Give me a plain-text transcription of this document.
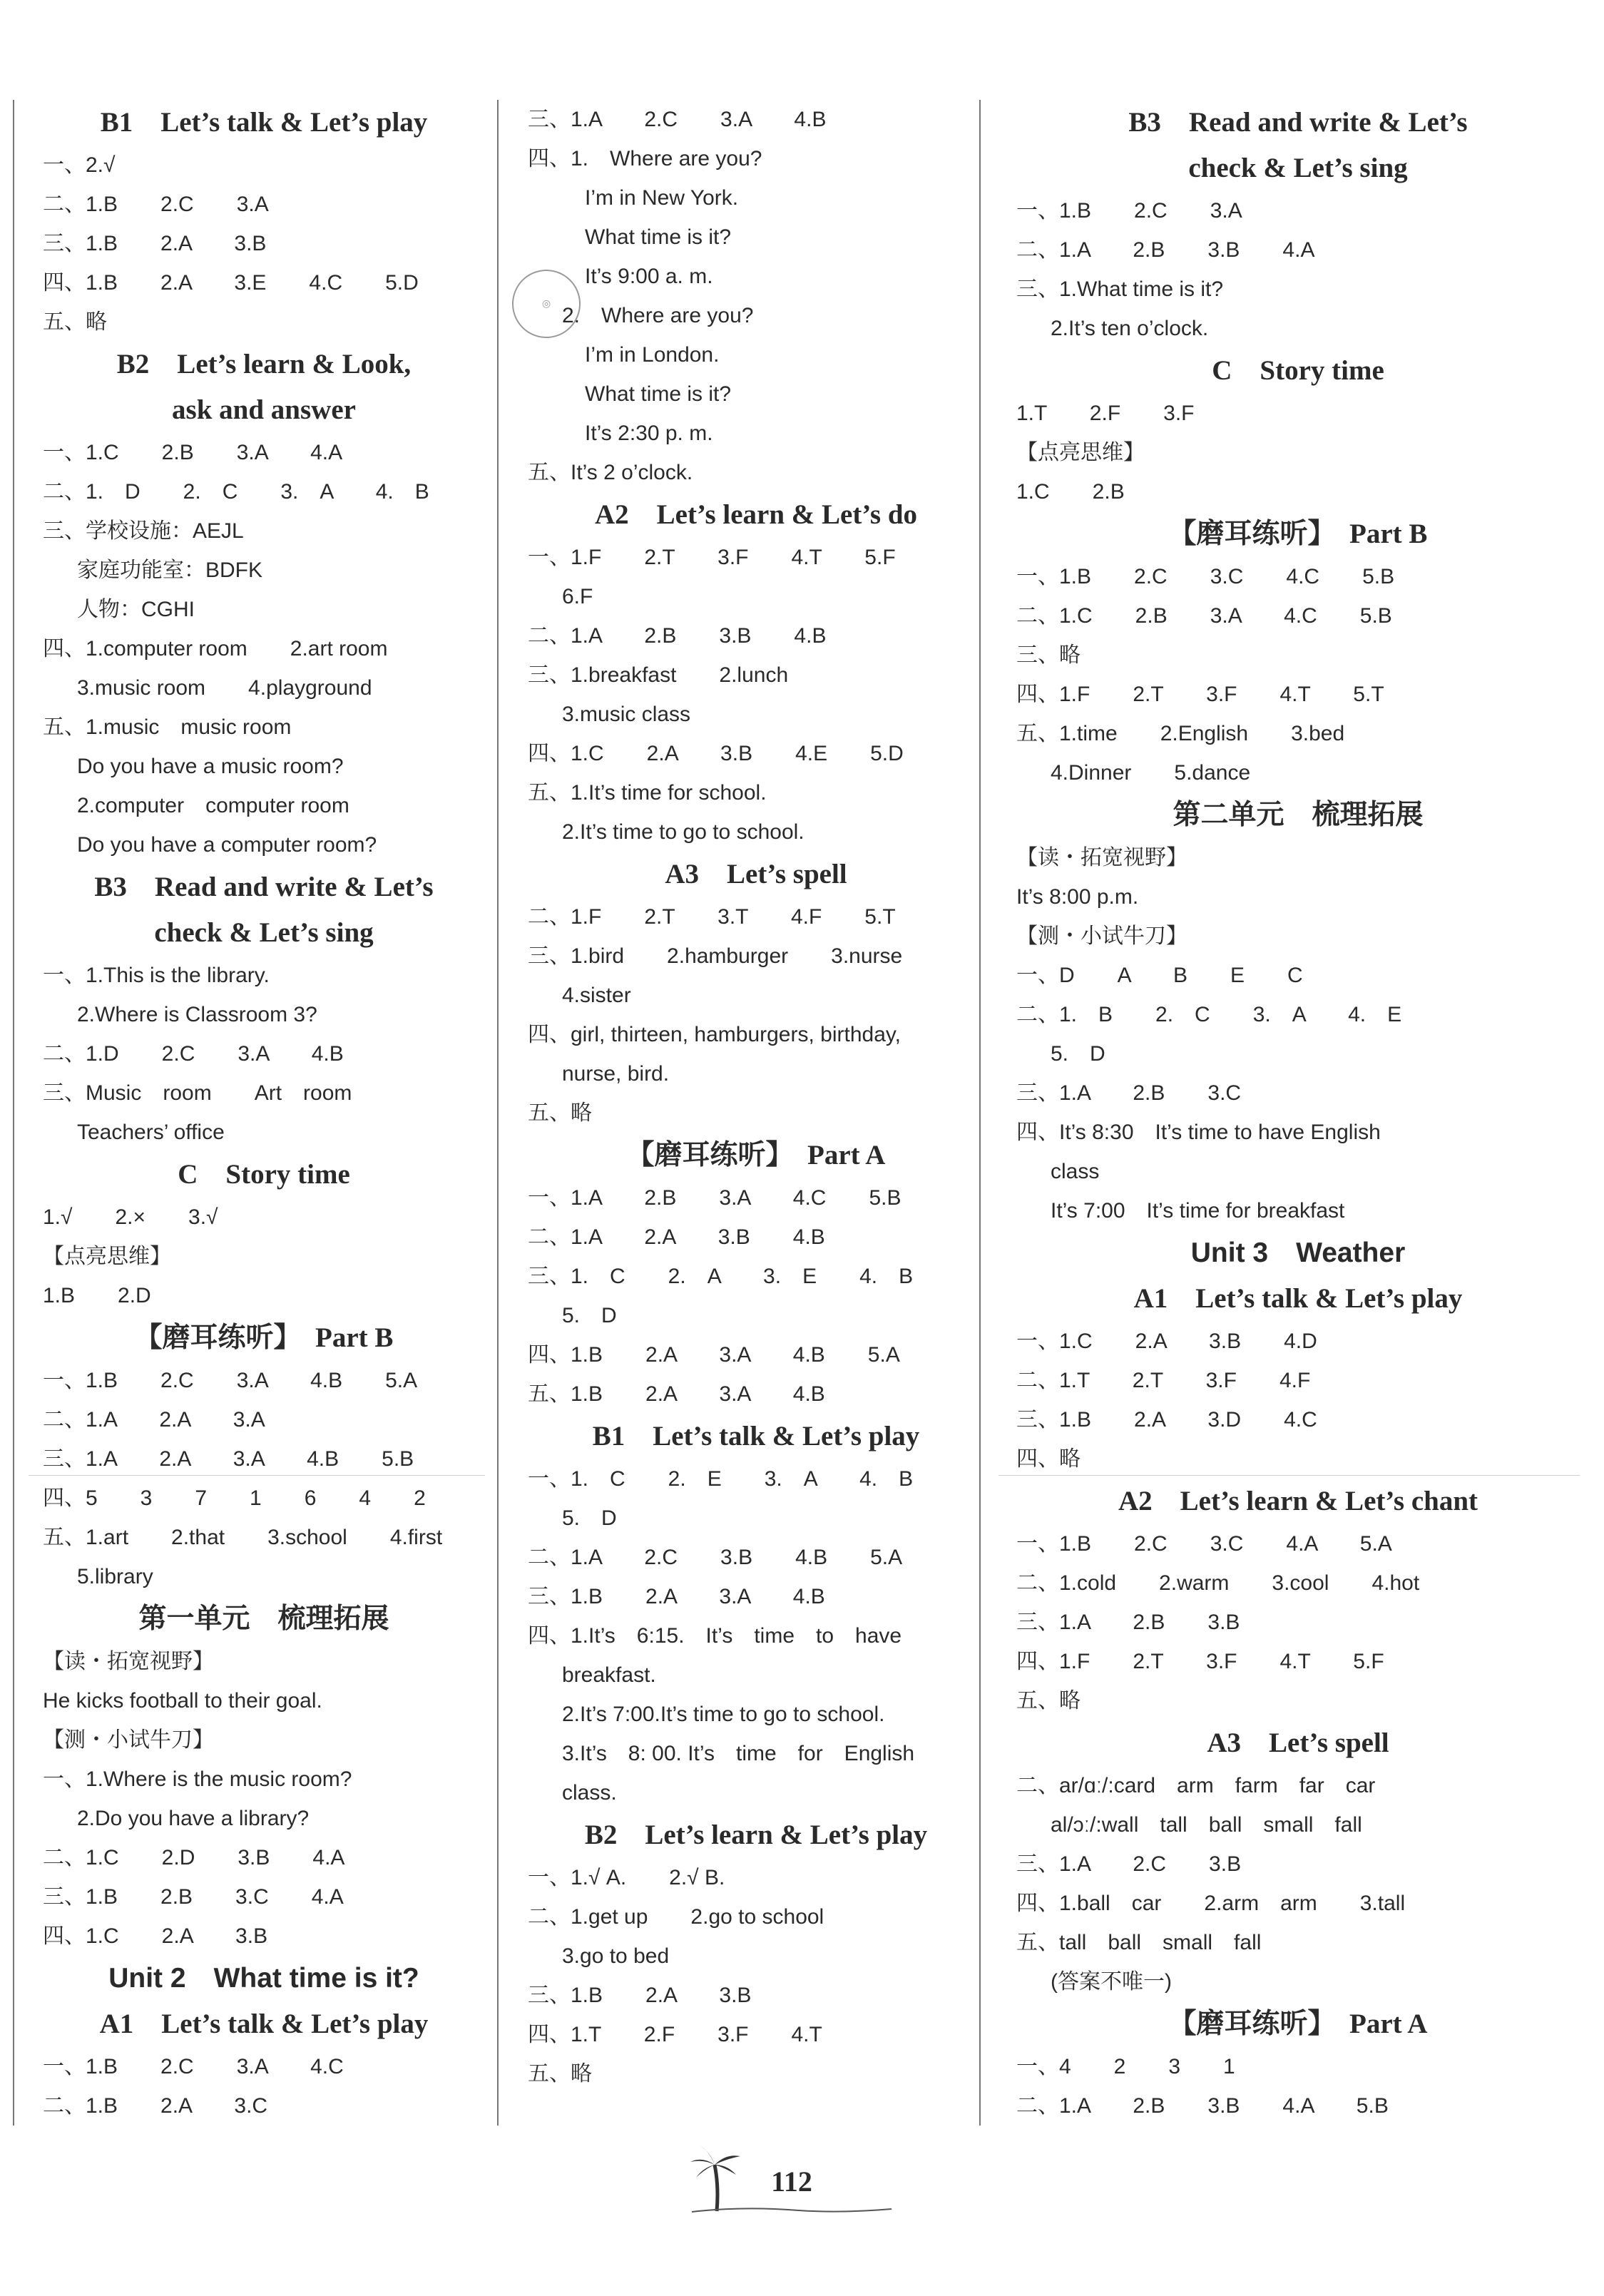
B1　Let’s talk & Let’s play
一、2.√
二、1.B　　2.C　　3.A
三、1.B　　2.A　　3.B
四、1.B　　2.A　　3.E　　4.C　　5.D
五、略
B2　Let’s learn & Look,
ask and answer
一、1.C　　2.B　　3.A　　4.A
二、1.　D　　2.　C　　3.　A　　4.　B
三、学校设施：AEJL
家庭功能室：BDFK
人物：CGHI
四、1.computer room　　2.art room
3.music room　　4.playground
五、1.music　music room
Do you have a music room?
2.computer　computer room
Do you have a computer room?
B3　Read and write & Let’s
check & Let’s sing
一、1.This is the library.
2.Where is Classroom 3?
二、1.D　　2.C　　3.A　　4.B
三、Music　room　　Art　room
Teachers’ office
C　Story time
1.√　　2.×　　3.√
【点亮思维】
1.B　　2.D
【磨耳练听】　Part B
一、1.B　　2.C　　3.A　　4.B　　5.A
二、1.A　　2.A　　3.A
三、1.A　　2.A　　3.A　　4.B　　5.B
四、5　　3　　7　　1　　6　　4　　2
五、1.art　　2.that　　3.school　　4.first
5.library
第一单元　梳理拓展
【读・拓宽视野】
He kicks football to their goal.
【测・小试牛刀】
一、1.Where is the music room?
2.Do you have a library?
二、1.C　　2.D　　3.B　　4.A
三、1.B　　2.B　　3.C　　4.A
四、1.C　　2.A　　3.B
Unit 2　What time is it?
A1　Let’s talk & Let’s play
一、1.B　　2.C　　3.A　　4.C
二、1.B　　2.A　　3.C
三、1.A　　2.C　　3.A　　4.B
四、1.　Where are you?
I’m in New York.
What time is it?
It’s 9:00 a. m.
2.　Where are you?
I’m in London.
What time is it?
It’s 2:30 p. m.
五、It’s 2 o’clock.
A2　Let’s learn & Let’s do
一、1.F　　2.T　　3.F　　4.T　　5.F
6.F
二、1.A　　2.B　　3.B　　4.B
三、1.breakfast　　2.lunch
3.music class
四、1.C　　2.A　　3.B　　4.E　　5.D
五、1.It’s time for school.
2.It’s time to go to school.
A3　Let’s spell
二、1.F　　2.T　　3.T　　4.F　　5.T
三、1.bird　　2.hamburger　　3.nurse
4.sister
四、girl, thirteen, hamburgers, birthday,
nurse, bird.
五、略
【磨耳练听】　Part A
一、1.A　　2.B　　3.A　　4.C　　5.B
二、1.A　　2.A　　3.B　　4.B
三、1.　C　　2.　A　　3.　E　　4.　B
5.　D
四、1.B　　2.A　　3.A　　4.B　　5.A
五、1.B　　2.A　　3.A　　4.B
B1　Let’s talk & Let’s play
一、1.　C　　2.　E　　3.　A　　4.　B
5.　D
二、1.A　　2.C　　3.B　　4.B　　5.A
三、1.B　　2.A　　3.A　　4.B
四、1.It’s　6:15.　It’s　time　to　have
breakfast.
2.It’s 7:00.It’s time to go to school.
3.It’s　8: 00. It’s　time　for　English
class.
B2　Let’s learn & Let’s play
一、1.√ A.　　2.√ B.
二、1.get up　　2.go to school
3.go to bed
三、1.B　　2.A　　3.B
四、1.T　　2.F　　3.F　　4.T
五、略
B3　Read and write & Let’s
check & Let’s sing
一、1.B　　2.C　　3.A
二、1.A　　2.B　　3.B　　4.A
三、1.What time is it?
2.It’s ten o’clock.
C　Story time
1.T　　2.F　　3.F
【点亮思维】
1.C　　2.B
【磨耳练听】　Part B
一、1.B　　2.C　　3.C　　4.C　　5.B
二、1.C　　2.B　　3.A　　4.C　　5.B
三、略
四、1.F　　2.T　　3.F　　4.T　　5.T
五、1.time　　2.English　　3.bed
4.Dinner　　5.dance
第二单元　梳理拓展
【读・拓宽视野】
It’s 8:00 p.m.
【测・小试牛刀】
一、D　　A　　B　　E　　C
二、1.　B　　2.　C　　3.　A　　4.　E
5.　D
三、1.A　　2.B　　3.C
四、It’s 8:30　It’s time to have English
class
It’s 7:00　It’s time for breakfast
Unit 3　Weather
A1　Let’s talk & Let’s play
一、1.C　　2.A　　3.B　　4.D
二、1.T　　2.T　　3.F　　4.F
三、1.B　　2.A　　3.D　　4.C
四、略
A2　Let’s learn & Let’s chant
一、1.B　　2.C　　3.C　　4.A　　5.A
二、1.cold　　2.warm　　3.cool　　4.hot
三、1.A　　2.B　　3.B
四、1.F　　2.T　　3.F　　4.T　　5.F
五、略
A3　Let’s spell
二、ar/ɑː/:card　arm　farm　far　car
al/ɔː/:wall　tall　ball　small　fall
三、1.A　　2.C　　3.B
四、1.ball　car　　2.arm　arm　　3.tall
五、tall　ball　small　fall
(答案不唯一)
【磨耳练听】　Part A
一、4　　2　　3　　1
二、1.A　　2.B　　3.B　　4.A　　5.B
◎
112
